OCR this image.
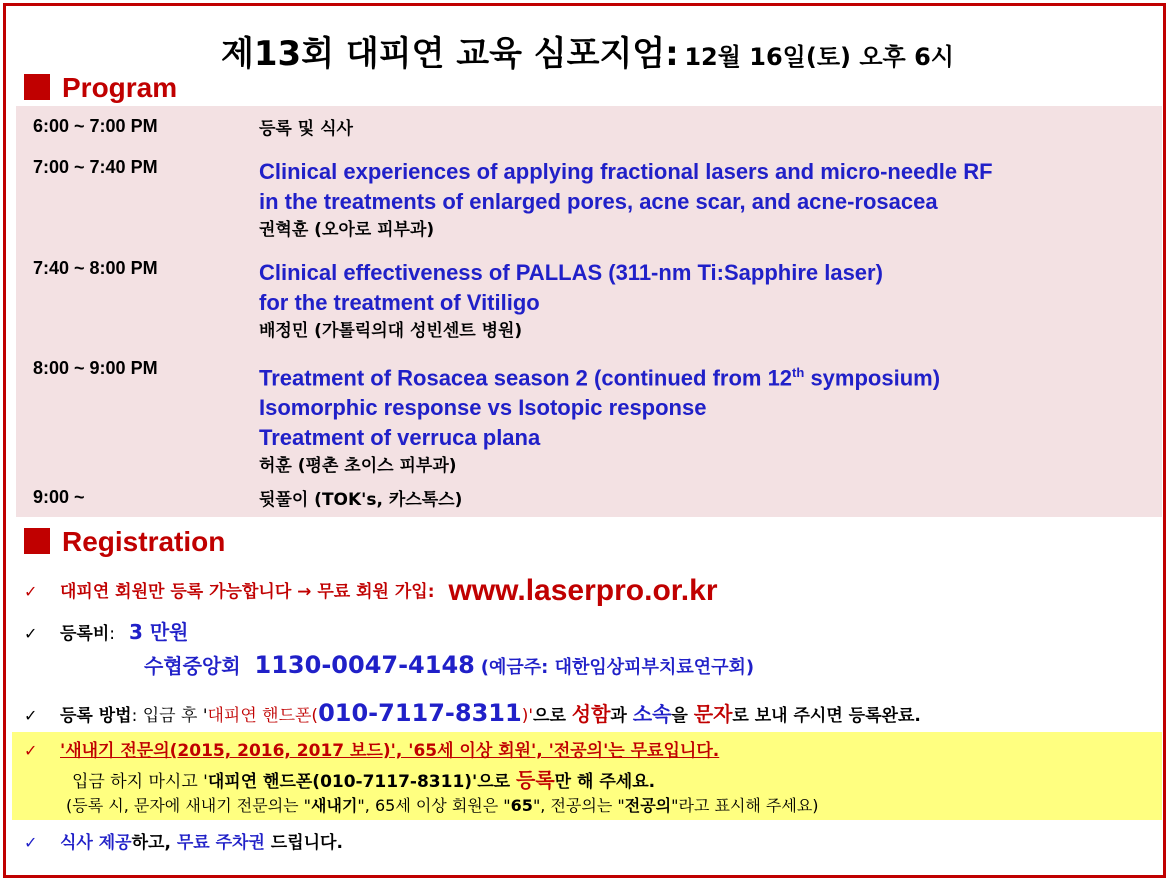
제13회 대피연 교육 심포지엄: 12월 16일(토) 오후 6시
Program
6:00 ~ 7:00 PM	등록 및 식사
7:00 ~ 7:40 PM	Clinical experiences of applying fractional lasers and micro-needle RF
in the treatments of enlarged pores, acne scar, and acne-rosacea
권혁훈 (오아로 피부과)
7:40 ~ 8:00 PM	Clinical effectiveness of PALLAS (311-nm Ti:Sapphire laser)
for the treatment of Vitiligo
배정민 (가톨릭의대 성빈센트 병원)
8:00 ~ 9:00 PM	Treatment of Rosacea season 2 (continued from 12th symposium)
Isomorphic response vs Isotopic response
Treatment of verruca plana
허훈 (평촌 초이스 피부과)
9:00 ~	뒷풀이 (TOK's, 카스톡스)
Registration
✓ 대피연 회원만 등록 가능합니다 → 무료 회원 가입: www.laserpro.or.kr
✓ 등록비: 3 만원
수협중앙회 1130-0047-4148 (예금주: 대한임상피부치료연구회)
✓ 등록 방법: 입금 후 '대피연 핸드폰(010-7117-8311)'으로 성함과 소속을 문자로 보내 주시면 등록완료.
✓ '새내기 전문의(2015, 2016, 2017 보드)', '65세 이상 회원', '전공의'는 무료입니다.
입금 하지 마시고 '대피연 핸드폰(010-7117-8311)'으로 등록만 해 주세요.
(등록 시, 문자에 새내기 전문의는 "새내기", 65세 이상 회원은 "65", 전공의는 "전공의"라고 표시해 주세요)
✓ 식사 제공하고, 무료 주차권 드립니다.
